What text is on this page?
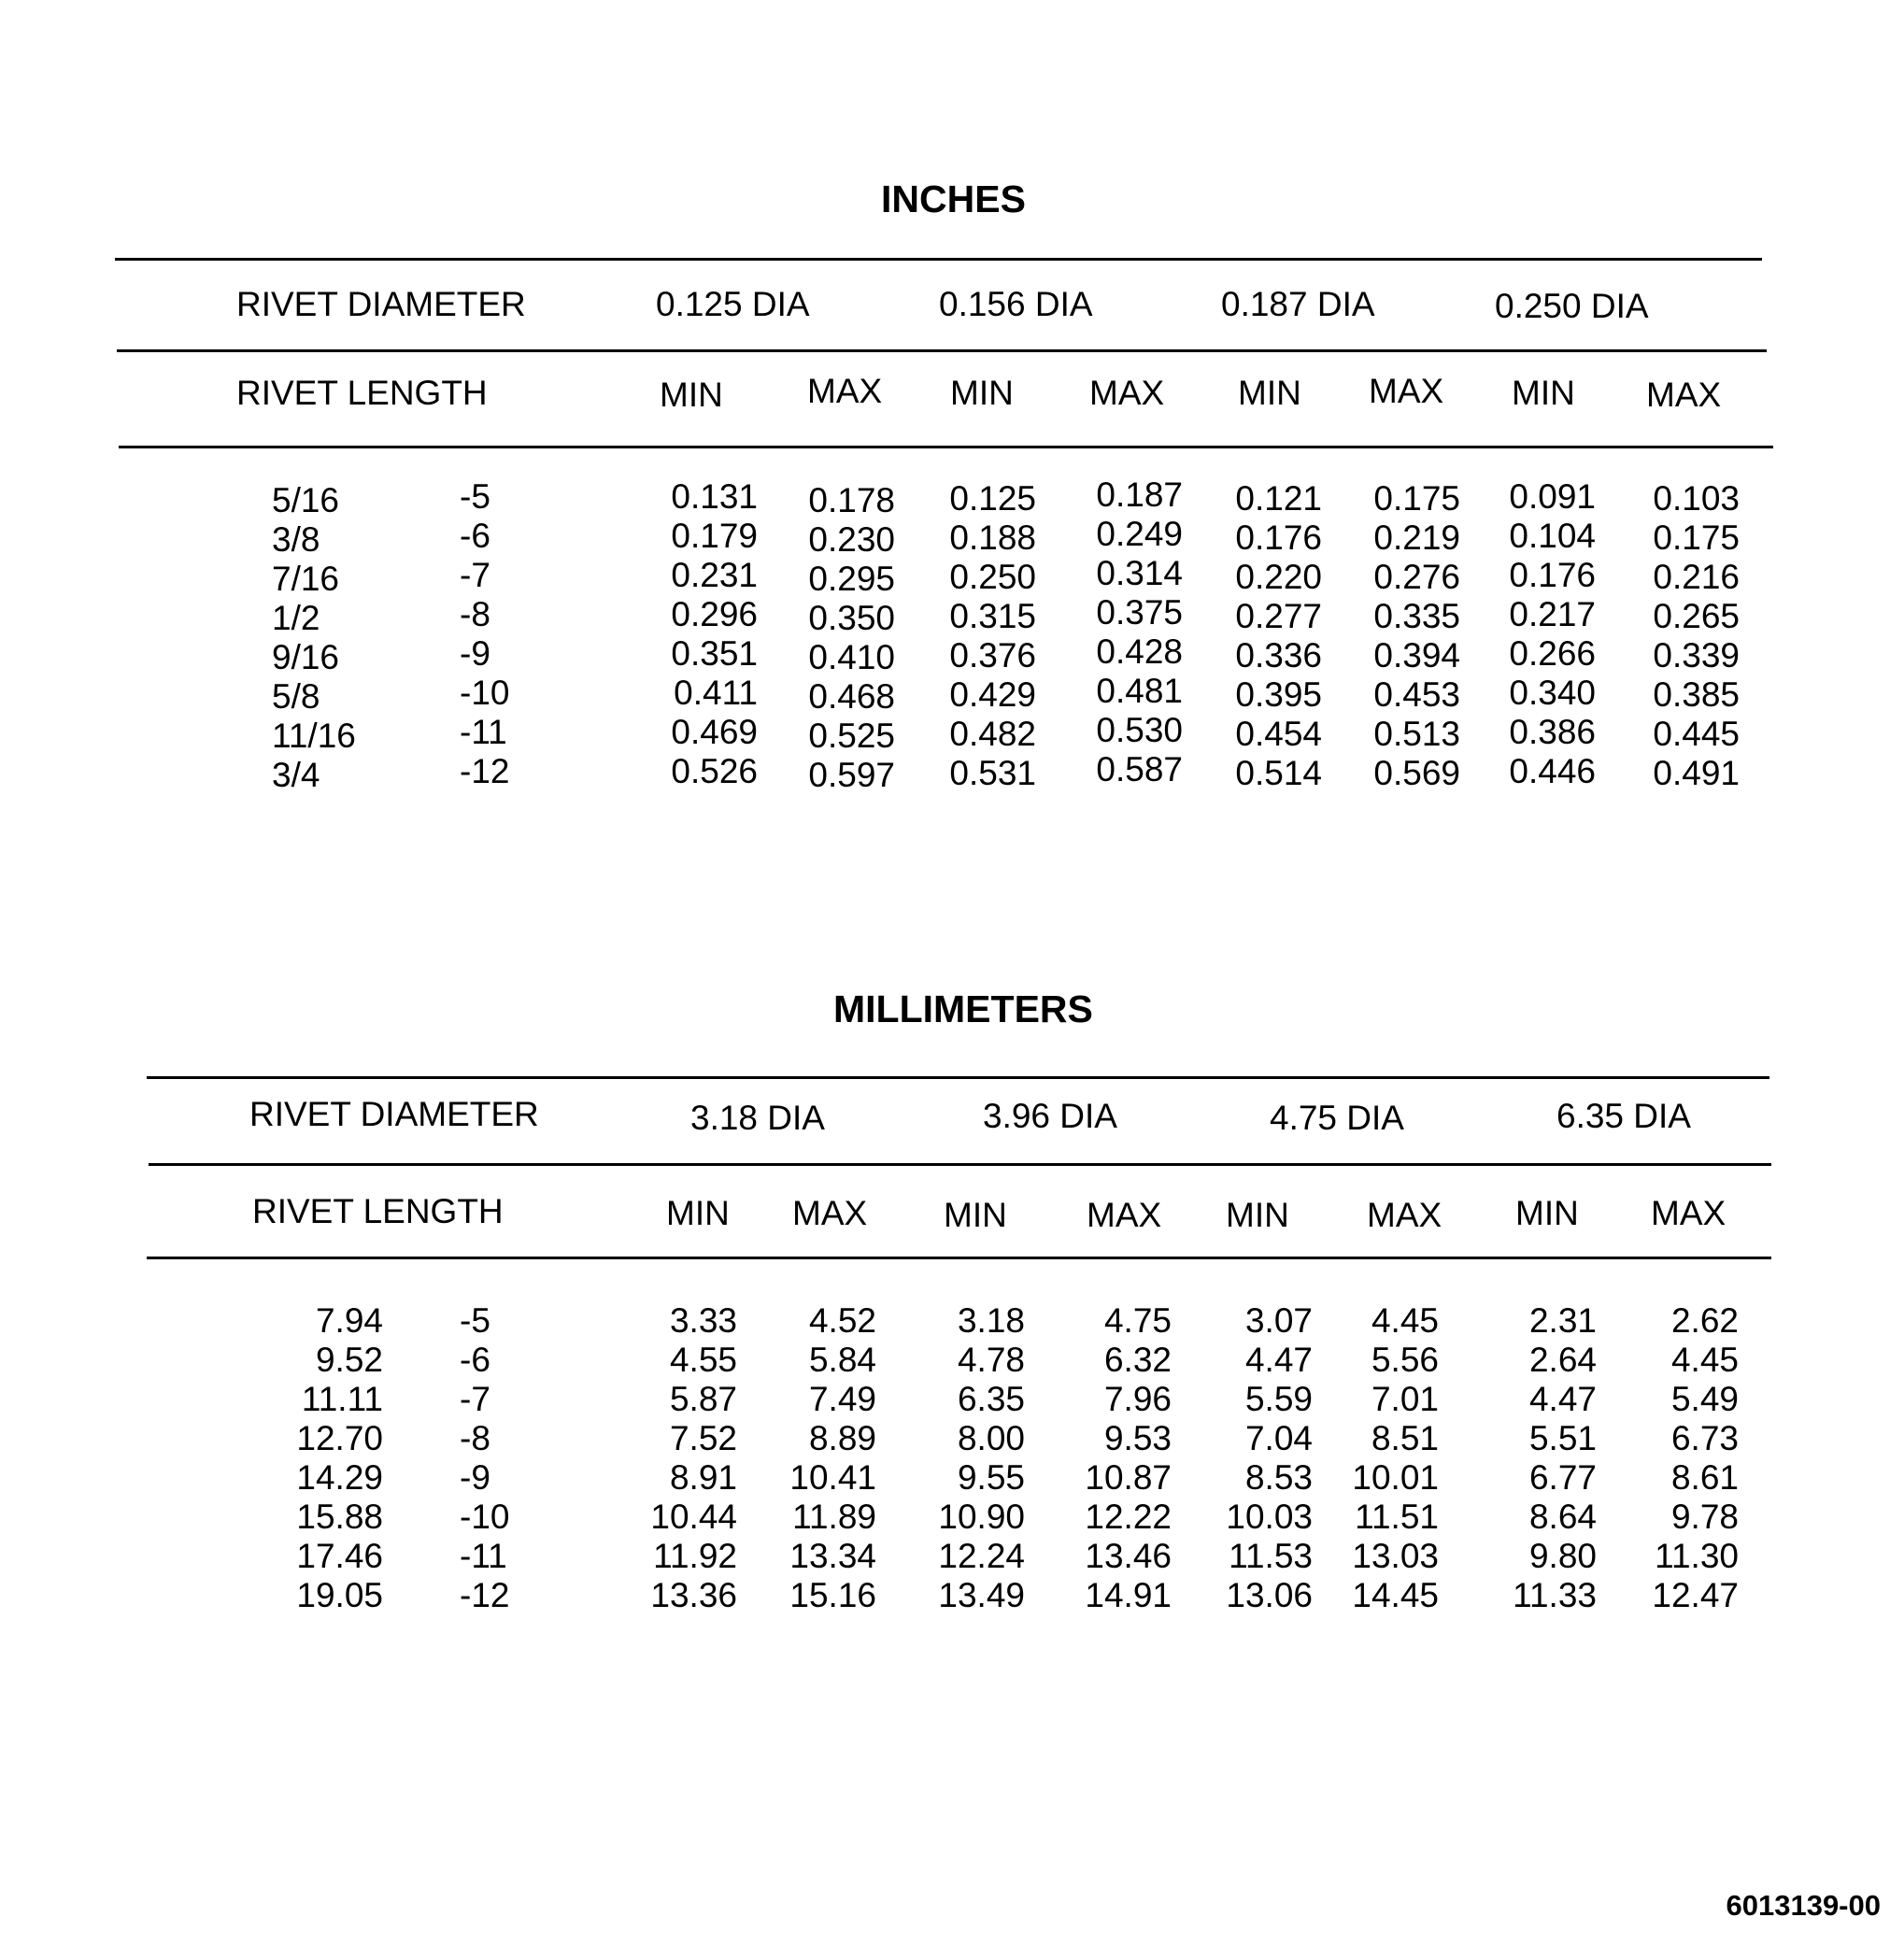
INCHES
RIVET DIAMETER	0.125 DIA	0.156 DIA	0.187 DIA	0.250 DIA
RIVET LENGTH	MIN MAX MIN MAX MIN MAX MIN MAX
5/16	-5	0.131	0.178	0.125	0.187	0.121	0.175	0.091	0.103
3/8	-6	0.179	0.230	0.188	0.249	0.176	0.219	0.104	0.175
7/16	-7	0.231	0.295	0.250	0.314	0.220	0.276	0.176	0.216
1/2	-8	0.296	0.350	0.315	0.375	0.277	0.335	0.217	0.265
9/16	-9	0.351	0.410	0.376	0.428	0.336	0.394	0.266	0.339
5/8	-10	0.411	0.468	0.429	0.481	0.395	0.453	0.340	0.385
11/16	-11	0.469	0.525	0.482	0.530	0.454	0.513	0.386	0.445
3/4	-12	0.526	0.597	0.531	0.587	0.514	0.569	0.446	0.491
MILLIMETERS
RIVET DIAMETER	3.18 DIA	3.96 DIA	4.75 DIA	6.35 DIA
RIVET LENGTH	MIN MAX MIN MAX MIN MAX MIN MAX
7.94 -5	3.33	4.52	3.18	4.75	3.07	4.45	2.31	2.62
9.52 -6	4.55	5.84	4.78	6.32	4.47	5.56	2.64	4.45
11.11 -7	5.87	7.49	6.35	7.96	5.59	7.01	4.47	5.49
12.70 -8	7.52	8.89	8.00	9.53	7.04	8.51	5.51	6.73
14.29 -9	8.91	10.41	9.55	10.87	8.53	10.01	6.77	8.61
15.88 -10	10.44	11.89	10.90	12.22	10.03	11.51	8.64	9.78
17.46 -11	11.92	13.34	12.24	13.46	11.53	13.03	9.80	11.30
19.05 -12	13.36	15.16	13.49	14.91	13.06	14.45	11.33	12.47
6013139-00
